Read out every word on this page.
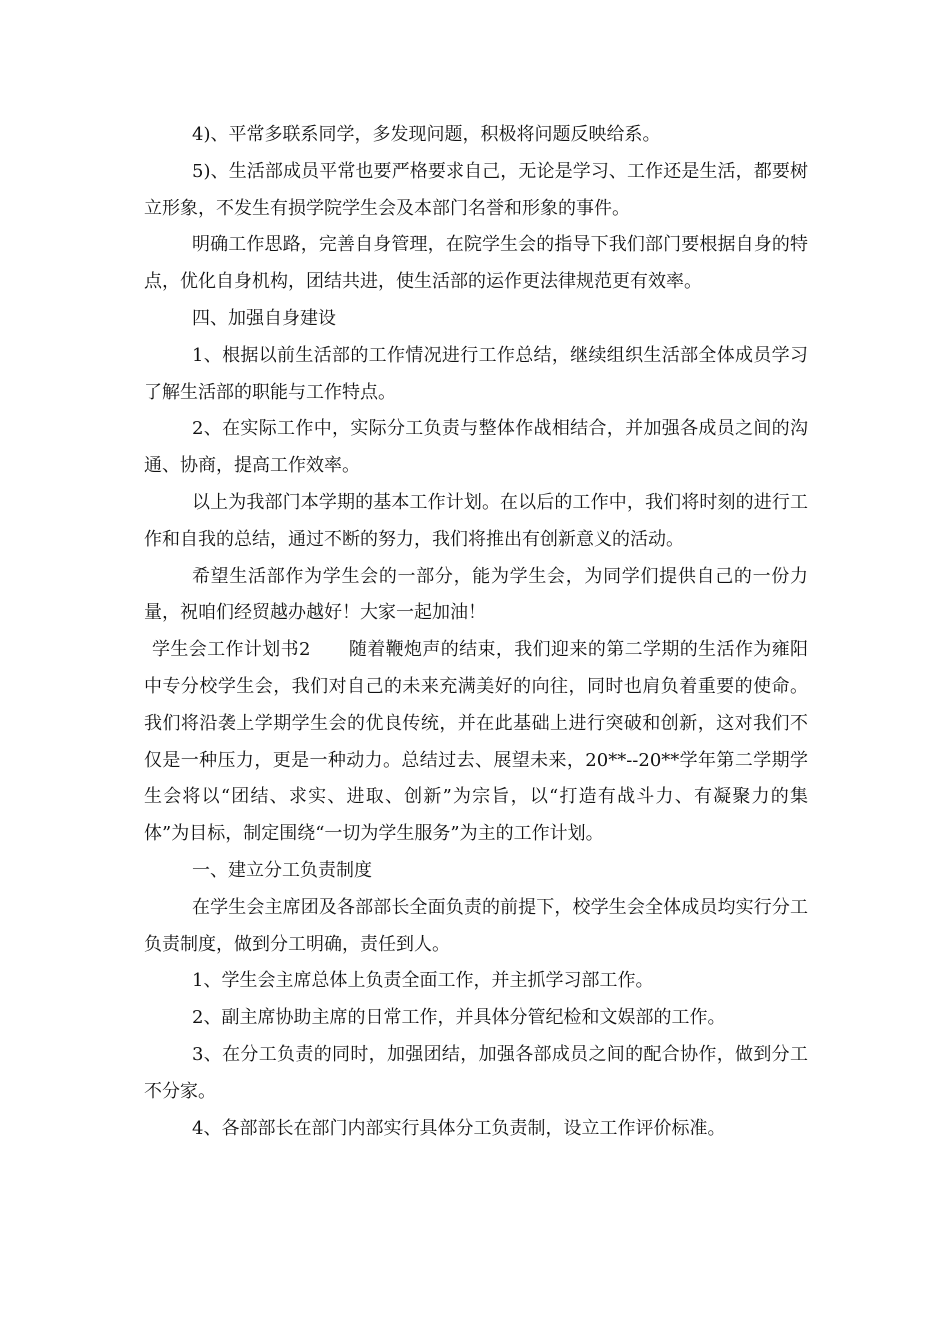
4)、平常多联系同学，多发现问题，积极将问题反映给系。

5)、生活部成员平常也要严格要求自己，无论是学习、工作还是生活，都要树立形象，不发生有损学院学生会及本部门名誉和形象的事件。

明确工作思路，完善自身管理，在院学生会的指导下我们部门要根据自身的特点，优化自身机构，团结共进，使生活部的运作更法律规范更有效率。

四、加强自身建设

1、根据以前生活部的工作情况进行工作总结，继续组织生活部全体成员学习了解生活部的职能与工作特点。

2、在实际工作中，实际分工负责与整体作战相结合，并加强各成员之间的沟通、协商，提高工作效率。

以上为我部门本学期的基本工作计划。在以后的工作中，我们将时刻的进行工作和自我的总结，通过不断的努力，我们将推出有创新意义的活动。

希望生活部作为学生会的一部分，能为学生会，为同学们提供自己的一份力量，祝咱们经贸越办越好！大家一起加油！

学生会工作计划书2 随着鞭炮声的结束，我们迎来的第二学期的生活作为雍阳中专分校学生会，我们对自己的未来充满美好的向往，同时也肩负着重要的使命。我们将沿袭上学期学生会的优良传统，并在此基础上进行突破和创新，这对我们不仅是一种压力，更是一种动力。总结过去、展望未来，20**--20**学年第二学期学生会将以“团结、求实、进取、创新”为宗旨，以“打造有战斗力、有凝聚力的集体”为目标，制定围绕“一切为学生服务”为主的工作计划。

一、建立分工负责制度

在学生会主席团及各部部长全面负责的前提下，校学生会全体成员均实行分工负责制度，做到分工明确，责任到人。

1、学生会主席总体上负责全面工作，并主抓学习部工作。

2、副主席协助主席的日常工作，并具体分管纪检和文娱部的工作。

3、在分工负责的同时，加强团结，加强各部成员之间的配合协作，做到分工不分家。

4、各部部长在部门内部实行具体分工负责制，设立工作评价标准。
